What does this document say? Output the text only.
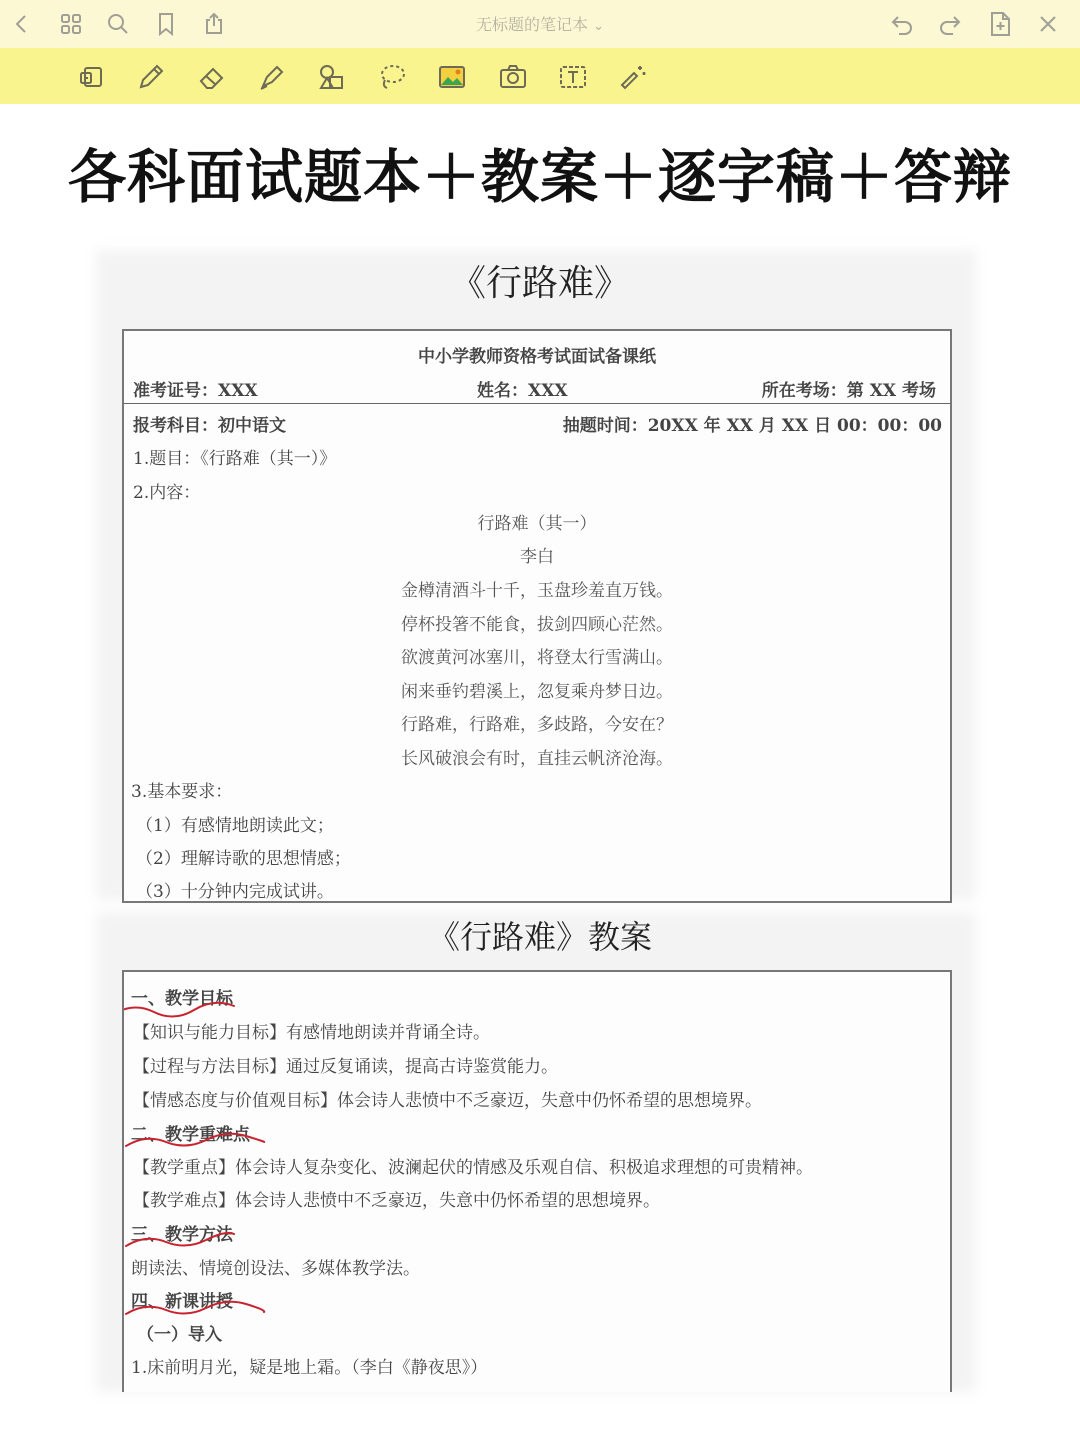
无标题的笔记本 ⌄
各科面试题本＋教案＋逐字稿＋答辩
《行路难》
中小学教师资格考试面试备课纸
准考证号：XXX	姓名：XXX	所在考场：第 XX 考场
报考科目：初中语文	抽题时间：20XX 年 XX 月 XX 日 00：00：00
1.题目：《行路难（其一）》
2.内容：
行路难（其一）
李白
金樽清酒斗十千，玉盘珍羞直万钱。
停杯投箸不能食，拔剑四顾心茫然。
欲渡黄河冰塞川，将登太行雪满山。
闲来垂钓碧溪上，忽复乘舟梦日边。
行路难，行路难，多歧路，今安在？
长风破浪会有时，直挂云帆济沧海。
3.基本要求：
（1）有感情地朗读此文；
（2）理解诗歌的思想情感；
（3）十分钟内完成试讲。
《行路难》教案
一、教学目标
【知识与能力目标】有感情地朗读并背诵全诗。
【过程与方法目标】通过反复诵读，提高古诗鉴赏能力。
【情感态度与价值观目标】体会诗人悲愤中不乏豪迈，失意中仍怀希望的思想境界。
二、教学重难点
【教学重点】体会诗人复杂变化、波澜起伏的情感及乐观自信、积极追求理想的可贵精神。
【教学难点】体会诗人悲愤中不乏豪迈，失意中仍怀希望的思想境界。
三、教学方法
朗读法、情境创设法、多媒体教学法。
四、新课讲授
（一）导入
1.床前明月光，疑是地上霜。（李白《静夜思》）
